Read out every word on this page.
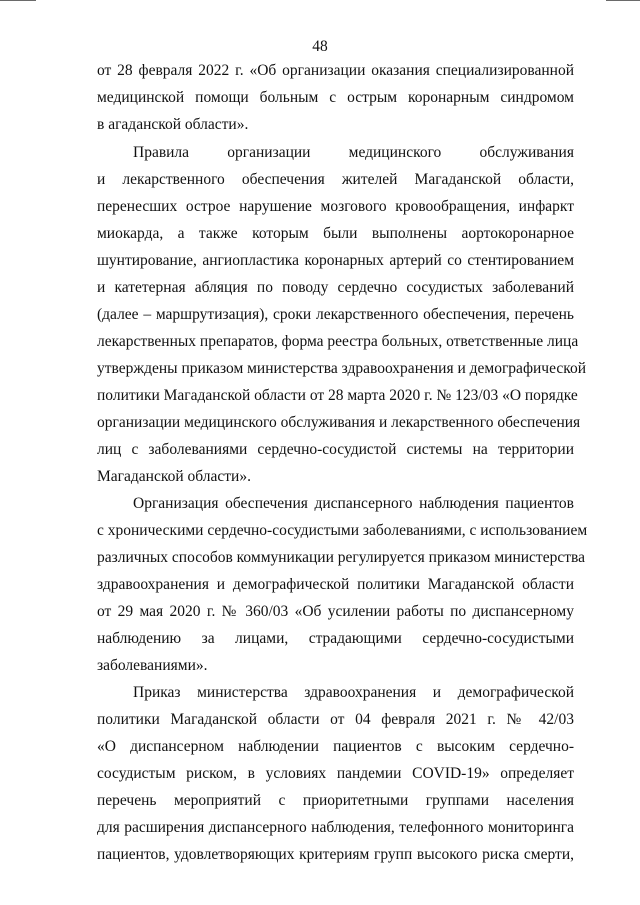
48
от 28 февраля 2022 г. «Об организации оказания специализированной
медицинской помощи больным с острым коронарным синдромом
в агаданской области».
Правила организации медицинского обслуживания
и лекарственного обеспечения жителей Магаданской области,
перенесших острое нарушение мозгового кровообращения, инфаркт
миокарда, а также которым были выполнены аортокоронарное
шунтирование, ангиопластика коронарных артерий со стентированием
и катетерная абляция по поводу сердечно сосудистых заболеваний
(далее – маршрутизация), сроки лекарственного обеспечения, перечень
лекарственных препаратов, форма реестра больных, ответственные лица
утверждены приказом министерства здравоохранения и демографической
политики Магаданской области от 28 марта 2020 г. № 123/03 «О порядке
организации медицинского обслуживания и лекарственного обеспечения
лиц с заболеваниями сердечно-сосудистой системы на территории
Магаданской области».
Организация обеспечения диспансерного наблюдения пациентов
с хроническими сердечно-сосудистыми заболеваниями, с использованием
различных способов коммуникации регулируется приказом министерства
здравоохранения и демографической политики Магаданской области
от 29 мая 2020 г. № 360/03 «Об усилении работы по диспансерному
наблюдению за лицами, страдающими сердечно-сосудистыми
заболеваниями».
Приказ министерства здравоохранения и демографической
политики Магаданской области от 04 февраля 2021 г. № 42/03
«О диспансерном наблюдении пациентов с высоким сердечно-
сосудистым риском, в условиях пандемии COVID-19» определяет
перечень мероприятий с приоритетными группами населения
для расширения диспансерного наблюдения, телефонного мониторинга
пациентов, удовлетворяющих критериям групп высокого риска смерти,
